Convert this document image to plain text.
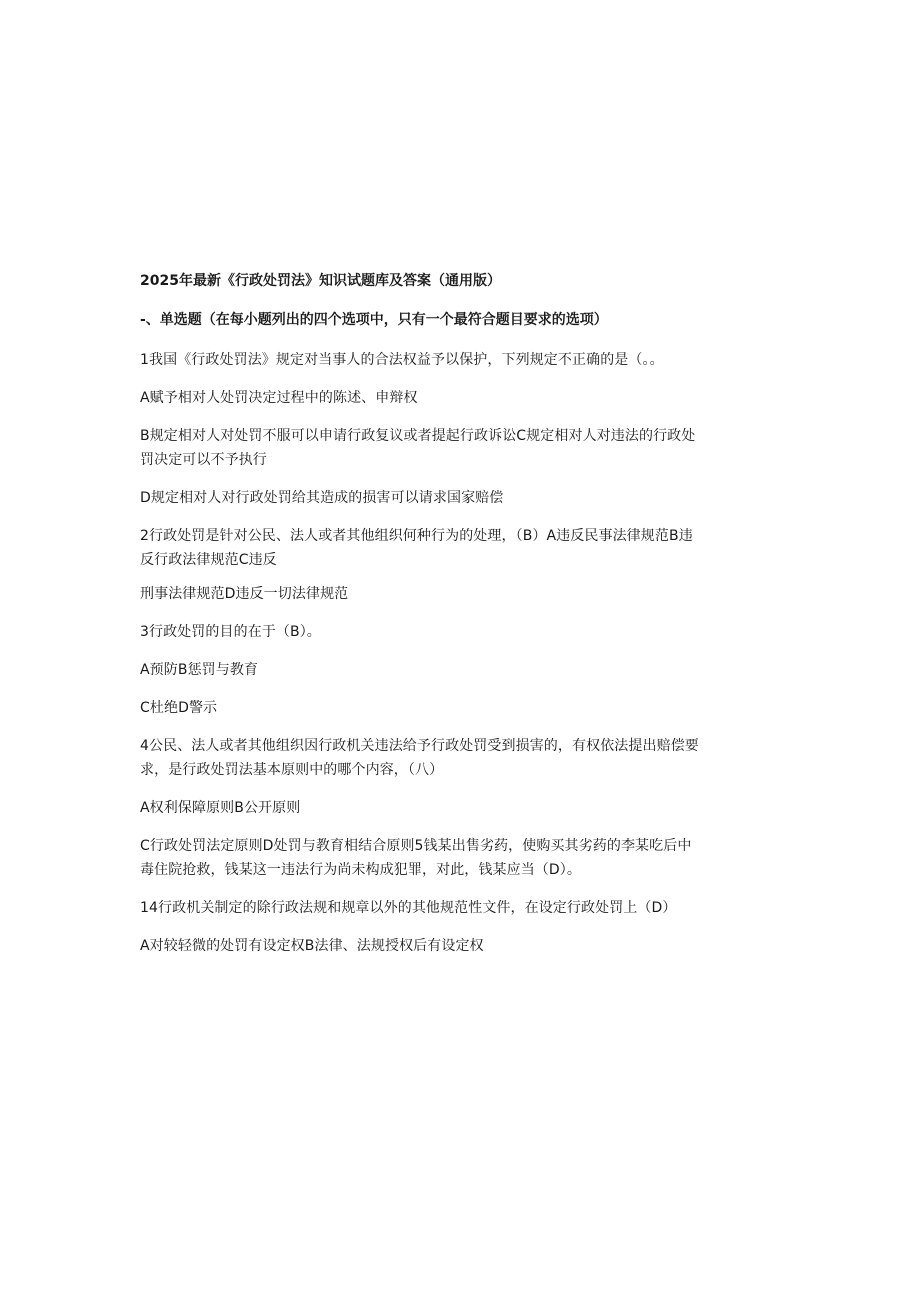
2025年最新《行政处罚法》知识试题库及答案（通用版）
-、单选题（在每小题列出的四个选项中，只有一个最符合题目要求的选项）
1我国《行政处罚法》规定对当事人的合法权益予以保护，下列规定不正确的是（。。
A赋予相对人处罚决定过程中的陈述、申辩权
B规定相对人对处罚不服可以申请行政复议或者提起行政诉讼C规定相对人对违法的行政处罚决定可以不予执行
D规定相对人对行政处罚给其造成的损害可以请求国家赔偿
2行政处罚是针对公民、法人或者其他组织何种行为的处理，（B）A违反民事法律规范B违反行政法律规范C违反
刑事法律规范D违反一切法律规范
3行政处罚的目的在于（B）。
A预防B惩罚与教育
C杜绝D警示
4公民、法人或者其他组织因行政机关违法给予行政处罚受到损害的，有权依法提出赔偿要求，是行政处罚法基本原则中的哪个内容，（八）
A权利保障原则B公开原则
C行政处罚法定原则D处罚与教育相结合原则5钱某出售劣药，使购买其劣药的李某吃后中毒住院抢救，钱某这一违法行为尚未构成犯罪，对此，钱某应当（D）。
14行政机关制定的除行政法规和规章以外的其他规范性文件，在设定行政处罚上（D）
A对较轻微的处罚有设定权B法律、法规授权后有设定权
